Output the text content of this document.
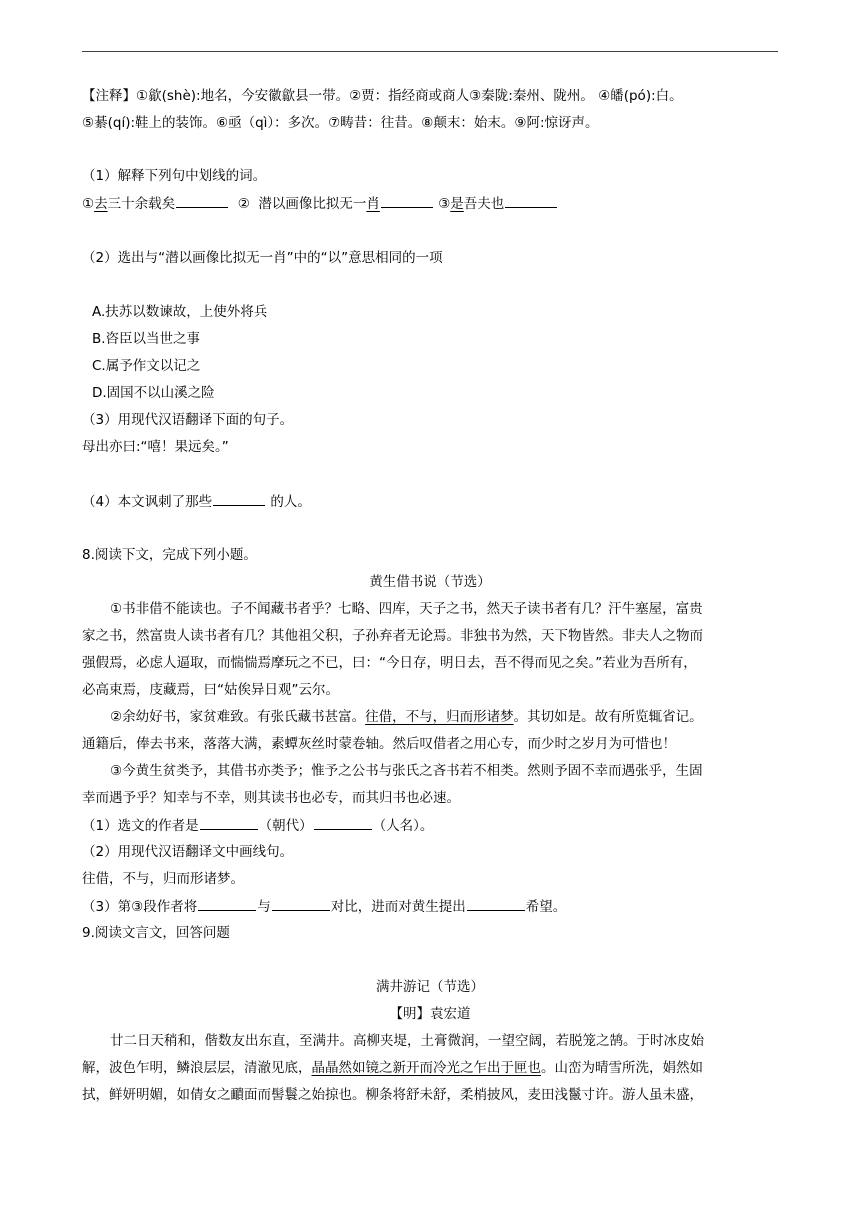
【注释】①歙(shè):地名，今安徽歙县一带。②贾：指经商或商人③秦陇:秦州、陇州。 ④皤(pó):白。
⑤綦(qí):鞋上的装饰。⑥亟（qì）：多次。⑦畴昔：往昔。⑧颠末：始末。⑨阿:惊讶声。
（1）解释下列句中划线的词。
①去三十余载矣	②  潜以画像比拟无一肖	③是吾夫也
（2）选出与“潜以画像比拟无一肖”中的“以”意思相同的一项
A.扶苏以数谏故，上使外将兵
B.咨臣以当世之事
C.属予作文以记之
D.固国不以山溪之险
（3）用现代汉语翻译下面的句子。
母出亦曰:“嘻！果远矣。”
（4）本文讽刺了那些	的人。
8.阅读下文，完成下列小题。
黄生借书说（节选）
①书非借不能读也。子不闻藏书者乎？七略、四库，天子之书，然天子读书者有几？汗牛塞屋，富贵
家之书，然富贵人读书者有几？其他祖父积，子孙弃者无论焉。非独书为然，天下物皆然。非夫人之物而
强假焉，必虑人逼取，而惴惴焉摩玩之不已，曰：“今日存，明日去，吾不得而见之矣。”若业为吾所有，
必高束焉，庋藏焉，曰“姑俟异日观”云尔。
②余幼好书，家贫难致。有张氏藏书甚富。往借，不与，归而形诸梦。其切如是。故有所览辄省记。
通籍后，俸去书来，落落大满，素蟫灰丝时蒙卷轴。然后叹借者之用心专，而少时之岁月为可惜也！
③今黄生贫类予，其借书亦类予；惟予之公书与张氏之吝书若不相类。然则予固不幸而遇张乎，生固
幸而遇予乎？知幸与不幸，则其读书也必专，而其归书也必速。
（1）选文的作者是	（朝代）	（人名）。
（2）用现代汉语翻译文中画线句。
往借，不与，归而形诸梦。
（3）第③段作者将	与	对比，进而对黄生提出	希望。
9.阅读文言文，回答问题
满井游记（节选）
【明】袁宏道
廿二日天稍和，偕数友出东直，至满井。高柳夹堤，土膏微润，一望空阔，若脱笼之鹄。于时冰皮始
解，波色乍明，鳞浪层层，清澈见底，晶晶然如镜之新开而冷光之乍出于匣也。山峦为晴雪所洗，娟然如
拭，鲜妍明媚，如倩女之靧面而髻鬟之始掠也。柳条将舒未舒，柔梢披风，麦田浅鬣寸许。游人虽未盛，
